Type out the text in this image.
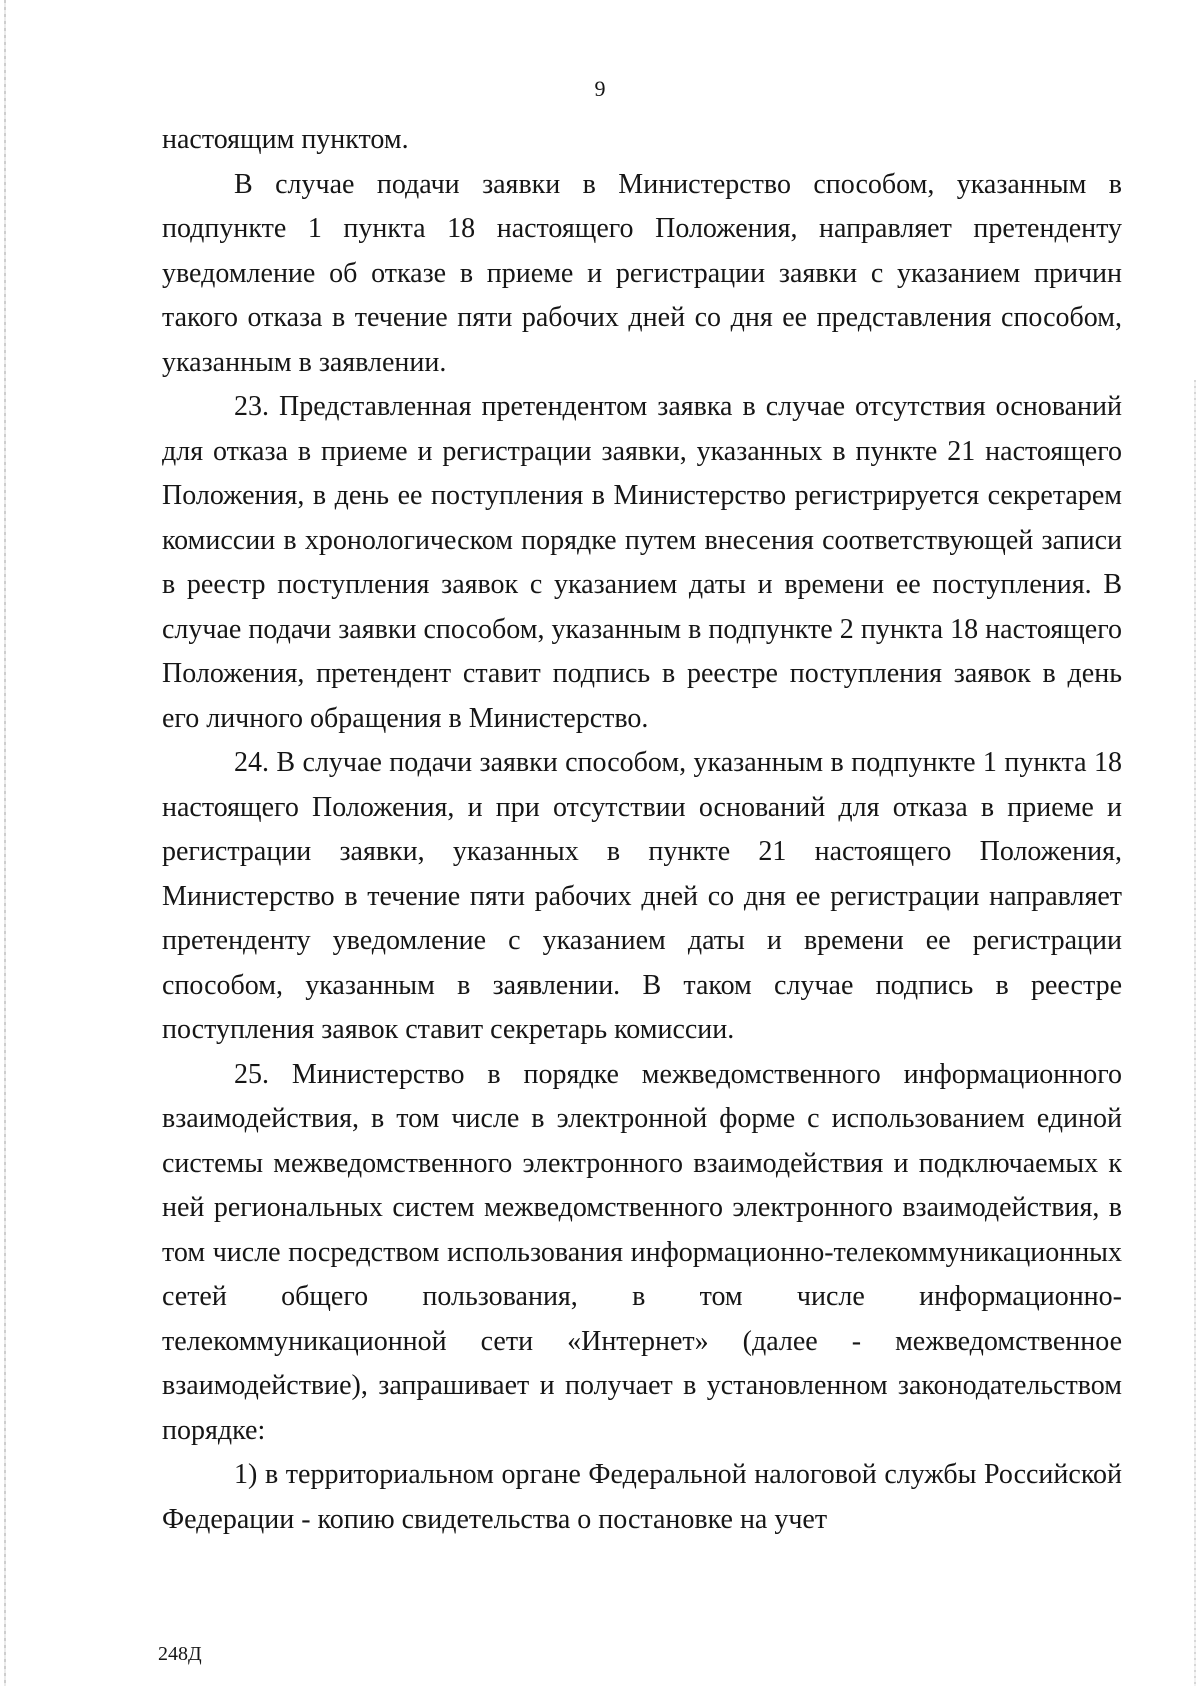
9

настоящим пунктом.

В случае подачи заявки в Министерство способом, указанным в подпункте 1 пункта 18 настоящего Положения, направляет претенденту уведомление об отказе в приеме и регистрации заявки с указанием причин такого отказа в течение пяти рабочих дней со дня ее представления способом, указанным в заявлении.

23. Представленная претендентом заявка в случае отсутствия оснований для отказа в приеме и регистрации заявки, указанных в пункте 21 настоящего Положения, в день ее поступления в Министерство регистрируется секретарем комиссии в хронологическом порядке путем внесения соответствующей записи в реестр поступления заявок с указанием даты и времени ее поступления. В случае подачи заявки способом, указанным в подпункте 2 пункта 18 настоящего Положения, претендент ставит подпись в реестре поступления заявок в день его личного обращения в Министерство.

24. В случае подачи заявки способом, указанным в подпункте 1 пункта 18 настоящего Положения, и при отсутствии оснований для отказа в приеме и регистрации заявки, указанных в пункте 21 настоящего Положения, Министерство в течение пяти рабочих дней со дня ее регистрации направляет претенденту уведомление с указанием даты и времени ее регистрации способом, указанным в заявлении. В таком случае подпись в реестре поступления заявок ставит секретарь комиссии.

25. Министерство в порядке межведомственного информационного взаимодействия, в том числе в электронной форме с использованием единой системы межведомственного электронного взаимодействия и подключаемых к ней региональных систем межведомственного электронного взаимодействия, в том числе посредством использования информационно-телекоммуникационных сетей общего пользования, в том числе информационно-телекоммуникационной сети «Интернет» (далее - межведомственное взаимодействие), запрашивает и получает в установленном законодательством порядке:

1) в территориальном органе Федеральной налоговой службы Российской Федерации - копию свидетельства о постановке на учет

248Д
